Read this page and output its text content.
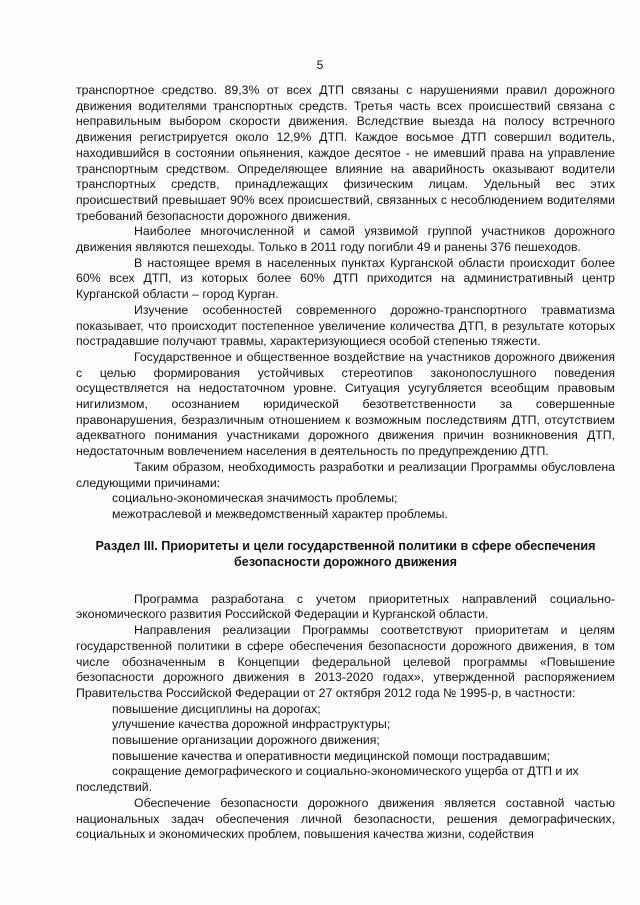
5

транспортное средство. 89,3% от всех ДТП связаны с нарушениями правил дорожного движения водителями транспортных средств. Третья часть всех происшествий связана с неправильным выбором скорости движения. Вследствие выезда на полосу встречного движения регистрируется около 12,9% ДТП. Каждое восьмое ДТП совершил водитель, находившийся в состоянии опьянения, каждое десятое - не имевший права на управление транспортным средством. Определяющее влияние на аварийность оказывают водители транспортных средств, принадлежащих физическим лицам. Удельный вес этих происшествий превышает 90% всех происшествий, связанных с несоблюдением водителями требований безопасности дорожного движения.

Наиболее многочисленной и самой уязвимой группой участников дорожного движения являются пешеходы. Только в 2011 году погибли 49 и ранены 376 пешеходов.

В настоящее время в населенных пунктах Курганской области происходит более 60% всех ДТП, из которых более 60% ДТП приходится на административный центр Курганской области – город Курган.

Изучение особенностей современного дорожно-транспортного травматизма показывает, что происходит постепенное увеличение количества ДТП, в результате которых пострадавшие получают травмы, характеризующиеся особой степенью тяжести.

Государственное и общественное воздействие на участников дорожного движения с целью формирования устойчивых стереотипов законопослушного поведения осуществляется на недостаточном уровне. Ситуация усугубляется всеобщим правовым нигилизмом, осознанием юридической безответственности за совершенные правонарушения, безразличным отношением к возможным последствиям ДТП, отсутствием адекватного понимания участниками дорожного движения причин возникновения ДТП, недостаточным вовлечением населения в деятельность по предупреждению ДТП.

Таким образом, необходимость разработки и реализации Программы обусловлена следующими причинами:

социально-экономическая значимость проблемы;

межотраслевой и межведомственный характер проблемы.

Раздел III. Приоритеты и цели государственной политики в сфере обеспечения
безопасности дорожного движения

Программа разработана с учетом приоритетных направлений социально-экономического развития Российской Федерации и Курганской области.

Направления реализации Программы соответствуют приоритетам и целям государственной политики в сфере обеспечения безопасности дорожного движения, в том числе обозначенным в Концепции федеральной целевой программы «Повышение безопасности дорожного движения в 2013-2020 годах», утвержденной распоряжением Правительства Российской Федерации от 27 октября 2012 года № 1995-р, в частности:

повышение дисциплины на дорогах;

улучшение качества дорожной инфраструктуры;

повышение организации дорожного движения;

повышение качества и оперативности медицинской помощи пострадавшим;

сокращение демографического и социально-экономического ущерба от ДТП и их последствий.

Обеспечение безопасности дорожного движения является составной частью национальных задач обеспечения личной безопасности, решения демографических, социальных и экономических проблем, повышения качества жизни, содействия
